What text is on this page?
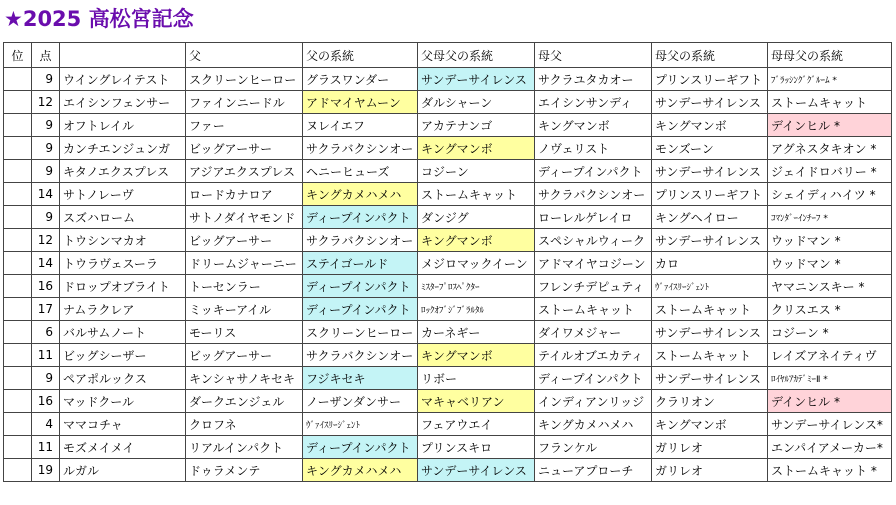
★2025 高松宮記念
位	点		父	父の系統	父母父の系統	母父	母父の系統	母母父の系統
	9	ウイングレイテスト	スクリーンヒーロー	グラスワンダー	サンデーサイレンス	サクラユタカオー	プリンスリーギフト	ﾌﾞﾗｯｼﾝｸﾞｸﾞﾙｰﾑ *
	12	エイシンフェンサー	ファインニードル	アドマイヤムーン	ダルシャーン	エイシンサンディ	サンデーサイレンス	ストームキャット
	9	オフトレイル	ファー	ヌレイエフ	アカテナンゴ	キングマンボ	キングマンボ	デインヒル *
	9	カンチエンジュンガ	ビッグアーサー	サクラバクシンオー	キングマンボ	ノヴェリスト	モンズーン	アグネスタキオン *
	9	キタノエクスプレス	アジアエクスプレス	ヘニーヒューズ	コジーン	ディープインパクト	サンデーサイレンス	ジェイドロバリー *
	14	サトノレーヴ	ロードカナロア	キングカメハメハ	ストームキャット	サクラバクシンオー	プリンスリーギフト	シェイディハイツ *
	9	スズハローム	サトノダイヤモンド	ディープインパクト	ダンジグ	ローレルゲレイロ	キングヘイロー	ｺﾏﾝﾀﾞｰｲﾝﾁｰﾌ *
	12	トウシンマカオ	ビッグアーサー	サクラバクシンオー	キングマンボ	スペシャルウィーク	サンデーサイレンス	ウッドマン *
	14	トウラヴェスーラ	ドリームジャーニー	ステイゴールド	メジロマックイーン	アドマイヤコジーン	カロ	ウッドマン *
	16	ドロップオブライト	トーセンラー	ディープインパクト	ﾐｽﾀｰﾌﾟﾛｽﾍﾟｸﾀｰ	フレンチデピュティ	ｳﾞｧｲｽﾘｰｼﾞｪﾝﾄ	ヤマニンスキー *
	17	ナムラクレア	ミッキーアイル	ディープインパクト	ﾛｯｸｵﾌﾞｼﾞﾌﾞﾗﾙﾀﾙ	ストームキャット	ストームキャット	クリスエス *
	6	バルサムノート	モーリス	スクリーンヒーロー	カーネギー	ダイワメジャー	サンデーサイレンス	コジーン *
	11	ビッグシーザー	ビッグアーサー	サクラバクシンオー	キングマンボ	テイルオブエカティ	ストームキャット	レイズアネイティヴ
	9	ペアポルックス	キンシャサノキセキ	フジキセキ	リボー	ディープインパクト	サンデーサイレンス	ﾛｲﾔﾙｱｶﾃﾞﾐｰⅡ *
	16	マッドクール	ダークエンジェル	ノーザンダンサー	マキャベリアン	インディアンリッジ	クラリオン	デインヒル *
	4	ママコチャ	クロフネ	ｳﾞｧｲｽﾘｰｼﾞｪﾝﾄ	フェアウエイ	キングカメハメハ	キングマンボ	サンデーサイレンス*
	11	モズメイメイ	リアルインパクト	ディープインパクト	プリンスキロ	フランケル	ガリレオ	エンパイアメーカー*
	19	ルガル	ドゥラメンテ	キングカメハメハ	サンデーサイレンス	ニューアプローチ	ガリレオ	ストームキャット *
